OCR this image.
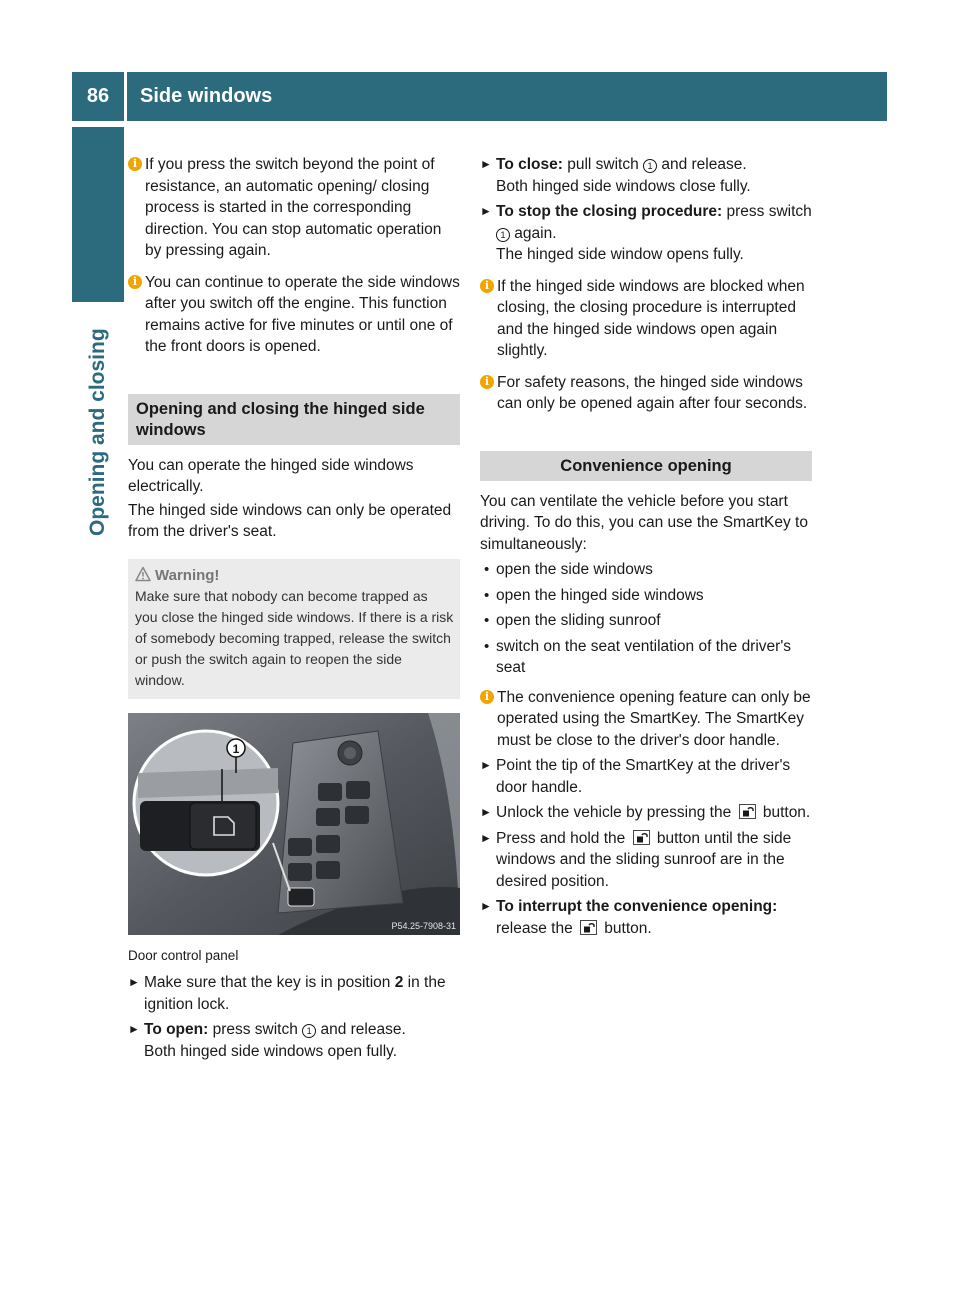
86	Side windows
Opening and closing
i If you press the switch beyond the point of resistance, an automatic opening/ closing process is started in the corresponding direction. You can stop automatic operation by pressing again.
i You can continue to operate the side windows after you switch off the engine. This function remains active for five minutes or until one of the front doors is opened.
Opening and closing the hinged side windows
You can operate the hinged side windows electrically.
The hinged side windows can only be operated from the driver's seat.
Warning!
Make sure that nobody can become trapped as you close the hinged side windows. If there is a risk of somebody becoming trapped, release the switch or push the switch again to reopen the side window.
1
P54.25-7908-31
Door control panel
► Make sure that the key is in position 2 in the ignition lock.
► To open: press switch 1 and release.
Both hinged side windows open fully.
► To close: pull switch 1 and release.
Both hinged side windows close fully.
► To stop the closing procedure: press switch 1 again.
The hinged side window opens fully.
i If the hinged side windows are blocked when closing, the closing procedure is interrupted and the hinged side windows open again slightly.
i For safety reasons, the hinged side windows can only be opened again after four seconds.
Convenience opening
You can ventilate the vehicle before you start driving. To do this, you can use the SmartKey to simultaneously:
• open the side windows
• open the hinged side windows
• open the sliding sunroof
• switch on the seat ventilation of the driver's seat
i The convenience opening feature can only be operated using the SmartKey. The SmartKey must be close to the driver's door handle.
► Point the tip of the SmartKey at the driver's door handle.
► Unlock the vehicle by pressing the  button.
► Press and hold the  button until the side windows and the sliding sunroof are in the desired position.
► To interrupt the convenience opening: release the  button.
